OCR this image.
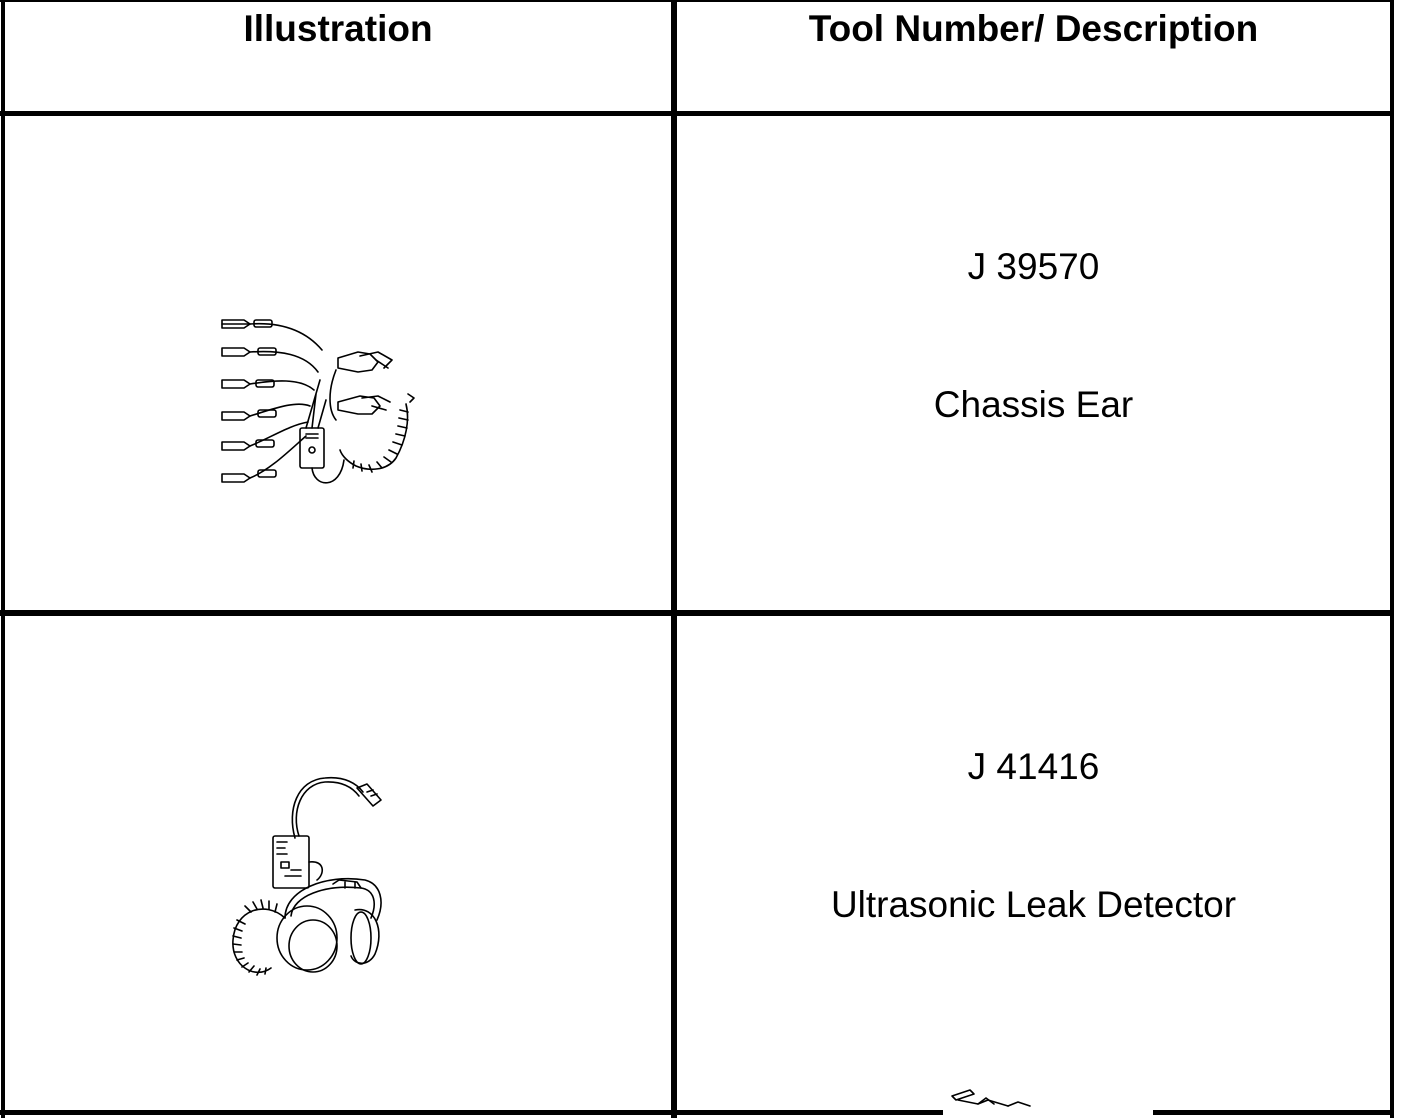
Illustration	Tool Number/ Description
J 39570
Chassis Ear
J 41416
Ultrasonic Leak Detector
